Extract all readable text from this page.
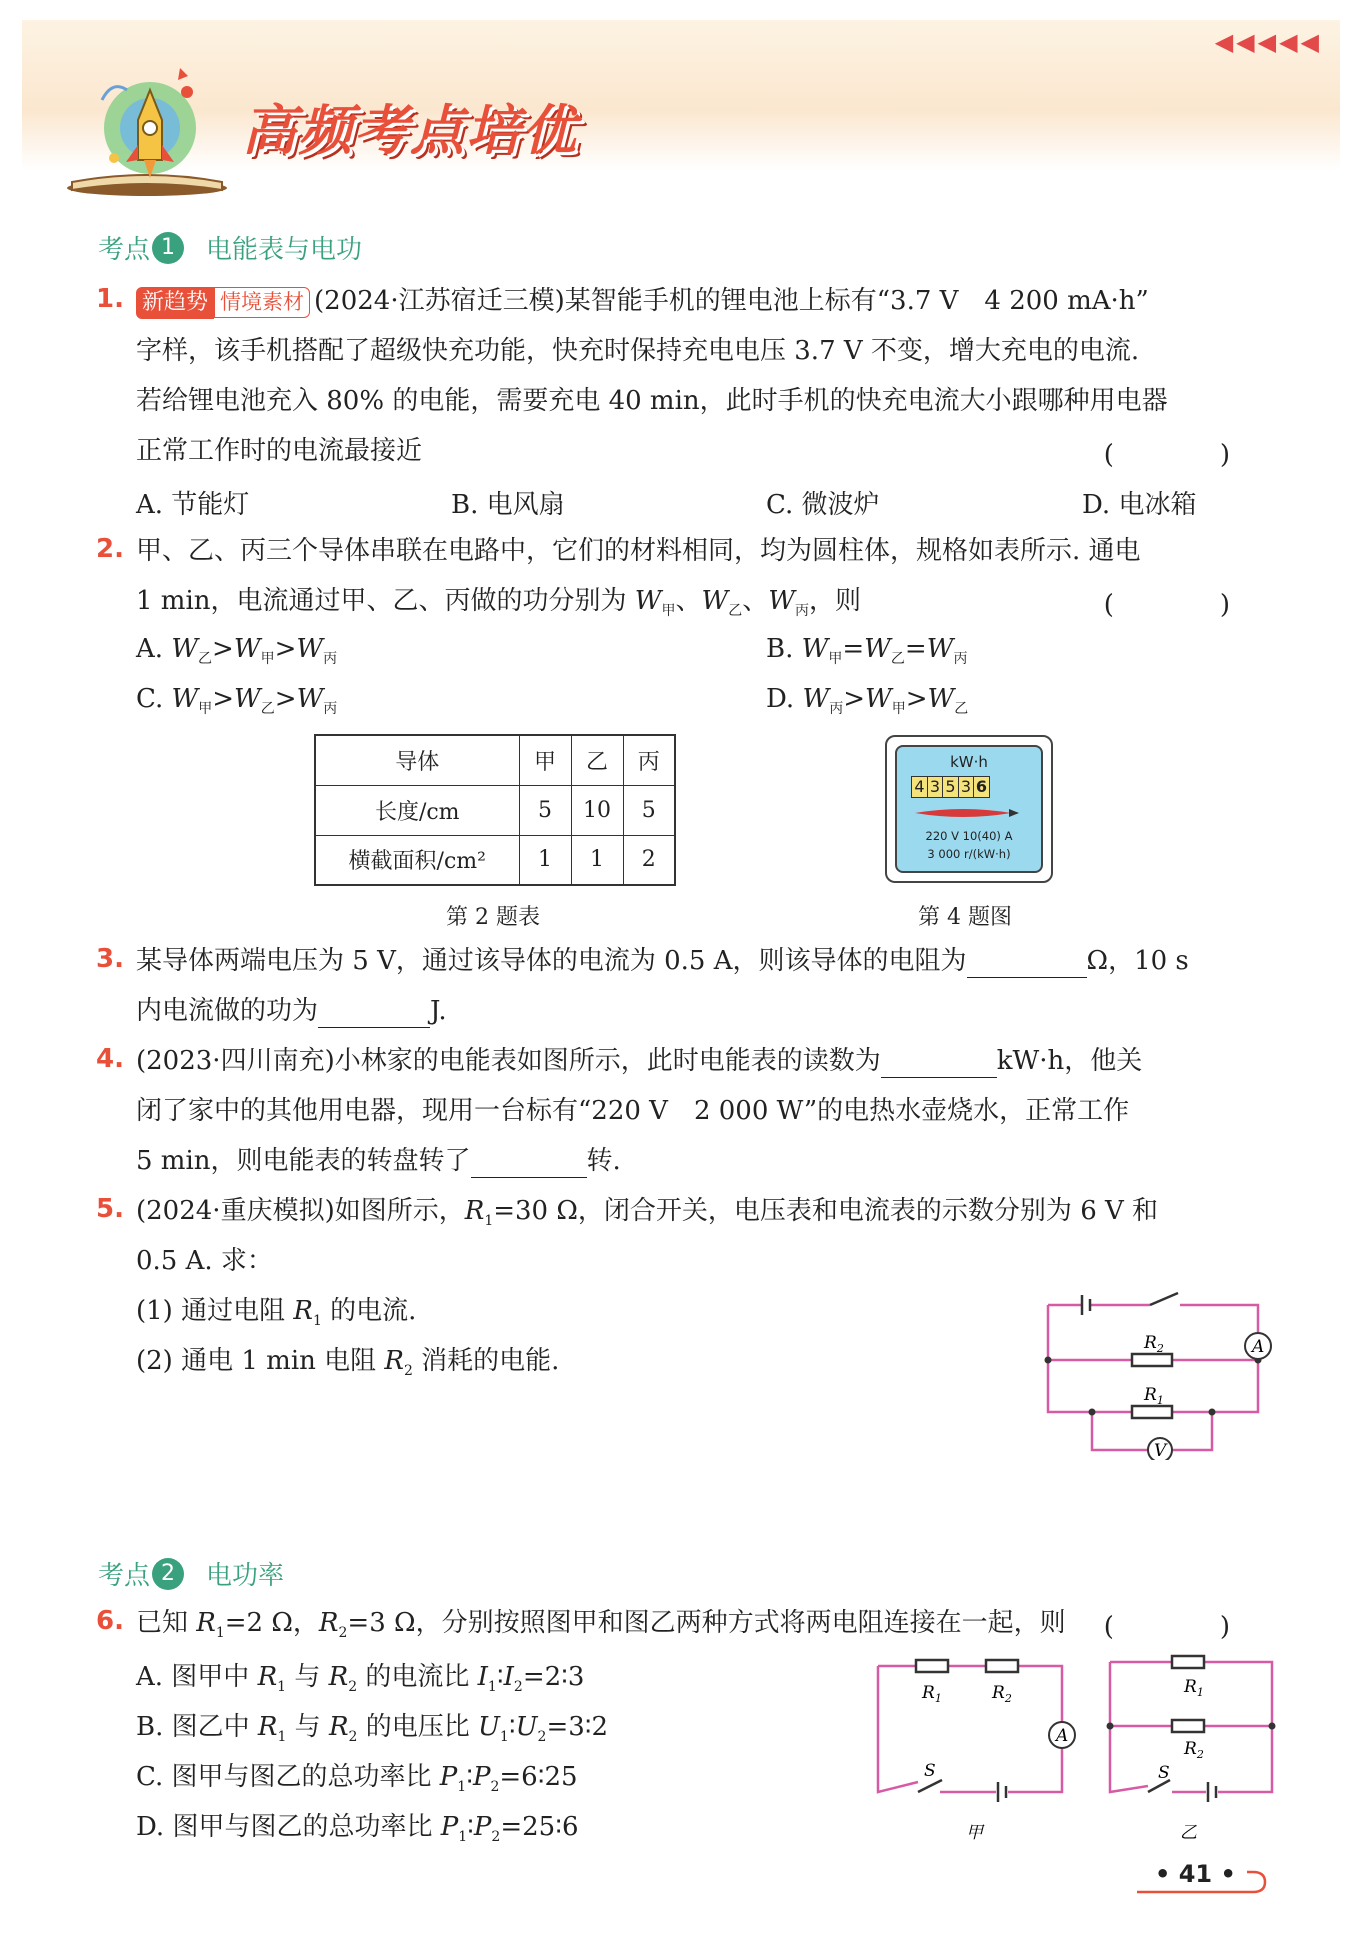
◀◀◀◀◀
高频考点培优
考点 1	电能表与电功
1. 新趋势 情境素材 (2024·江苏宿迁三模)某智能手机的锂电池上标有“3.7 V　4 200 mA·h”
字样，该手机搭配了超级快充功能，快充时保持充电电压 3.7 V 不变，增大充电的电流.
若给锂电池充入 80% 的电能，需要充电 40 min，此时手机的快充电流大小跟哪种用电器
正常工作时的电流最接近	(　)
A. 节能灯	B. 电风扇	C. 微波炉	D. 电冰箱
2. 甲、乙、丙三个导体串联在电路中，它们的材料相同，均为圆柱体，规格如表所示. 通电
1 min，电流通过甲、乙、丙做的功分别为 $W_甲$、$W_乙$、$W_丙$，则	(　)
A. $W_乙>W_甲>W_丙$	B. $W_甲=W_乙=W_丙$
C. $W_甲>W_乙>W_丙$	D. $W_丙>W_甲>W_乙$
导体	甲	乙	丙
长度/cm	5	10	5
横截面积/cm²	1	1	2
第 2 题表
kW·h
4 3 5 3 6
220 V 10(40) A
3 000 r/(kW·h)
第 4 题图
3. 某导体两端电压为 5 V，通过该导体的电流为 0.5 A，则该导体的电阻为	Ω，10 s
内电流做的功为	J.
4. (2023·四川南充)小林家的电能表如图所示，此时电能表的读数为	kW·h，他关
闭了家中的其他用电器，现用一台标有“220 V　2 000 W”的电热水壶烧水，正常工作
5 min，则电能表的转盘转了	转.
5. (2024·重庆模拟)如图所示，$R_1=30$ Ω，闭合开关，电压表和电流表的示数分别为 6 V 和
0.5 A. 求：
(1) 通过电阻 $R_1$ 的电流.
(2) 通电 1 min 电阻 $R_2$ 消耗的电能.	A
V
$R_2$
$R_1$
考点 2	电功率
6. 已知 $R_1=2$ Ω，$R_2=3$ Ω，分别按照图甲和图乙两种方式将两电阻连接在一起，则 (　)
A. 图甲中 $R_1$ 与 $R_2$ 的电流比 $I_1∶I_2=2∶3$
B. 图乙中 $R_1$ 与 $R_2$ 的电压比 $U_1∶U_2=3∶2$
C. 图甲与图乙的总功率比 $P_1∶P_2=6∶25$
D. 图甲与图乙的总功率比 $P_1∶P_2=25∶6$
A
$R_1$	$R_2$
S
甲
$R_1$
$R_2$
S
乙
• 41 •
